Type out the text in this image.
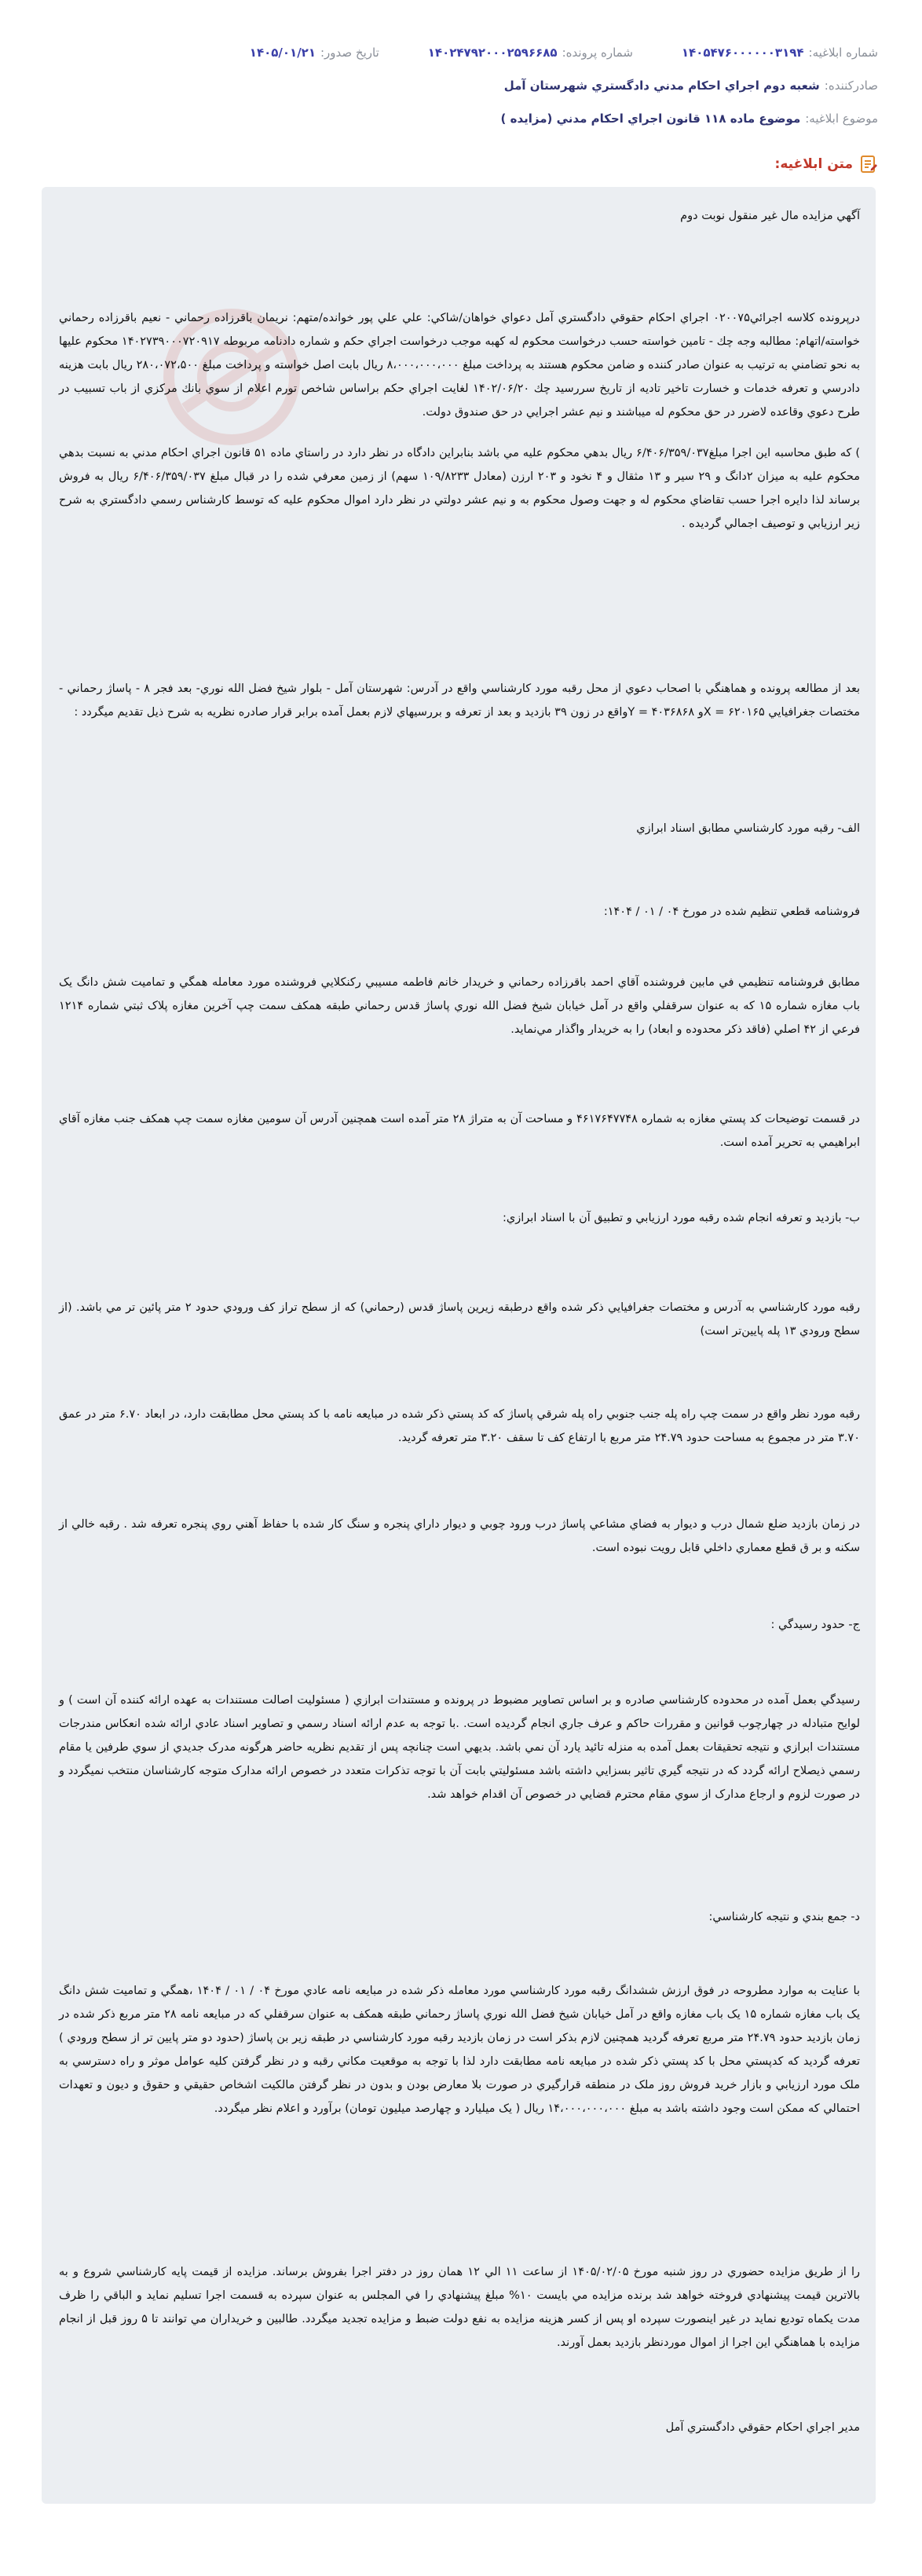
شماره ابلاغيه:
۱۴۰۵۴۷۶۰۰۰۰۰۰۳۱۹۴
شماره پرونده:
۱۴۰۲۴۷۹۲۰۰۰۲۵۹۶۶۸۵
تاريخ صدور:
۱۴۰۵/۰۱/۲۱
صادرکننده:
شعبه دوم اجراي احكام مدني دادگستري شهرستان آمل
موضوع ابلاغيه:
موضوع ماده ۱۱۸ قانون اجراي احكام مدني (مزايده )
متن ابلاغيه:

آگهي مزايده مال غير منقول نوبت دوم

درپرونده کلاسه اجرائي۰۲۰۰۷۵ اجراي احکام حقوقي دادگستري آمل دعواي خواهان/شاکي: علي علي پور خوانده/متهم: نريمان باقرزاده رحماني - نعيم باقرزاده رحماني خواسته/اتهام: مطالبه وجه چك - تامين خواسته حسب درخواست محكوم له كهبه موجب درخواست اجراي حكم و شماره دادنامه مربوطه ۱۴۰۲۷۳۹۰۰۰۷۲۰۹۱۷ محکوم عليها به نحو تضامني به ترتيب به عنوان صادر کننده و ضامن محکوم هستند به پرداخت مبلغ ۸،۰۰۰،۰۰۰،۰۰۰ ريال بابت اصل خواسته و پرداخت مبلغ ۲۸۰،۰۷۲،۵۰۰ ريال بابت هزينه دادرسي و تعرفه خدمات و خسارت تاخير تاديه از تاريخ سررسيد چك ۱۴۰۲/۰۶/۲۰ لغايت اجراي حكم براساس شاخص تورم اعلام از سوي بانك مركزي از باب تسبيب در طرح دعوي وقاعده لاضرر در حق محكوم له ميباشند و نيم عشر اجرايي در حق صندوق دولت.

) که طبق محاسبه اين اجرا مبلغ۶/۴۰۶/۳۵۹/۰۳۷ ريال بدهي محکوم عليه مي باشد بنابراين دادگاه در نظر دارد در راستاي ماده ۵۱ قانون اجراي احکام مدني به نسبت بدهي محکوم عليه به ميزان ۲دانگ و ۲۹ سير و ۱۳ مثقال و ۴ نخود و ۲۰۳ ارزن (معادل ۱۰۹/۸۲۳۳ سهم) از زمين معرفي شده را در قبال مبلغ ۶/۴۰۶/۳۵۹/۰۳۷ ريال به فروش برساند لذا دايره اجرا حسب تقاضاي محکوم له و جهت وصول محکوم به و نيم عشر دولتي در نظر دارد اموال محکوم عليه که توسط کارشناس رسمي دادگستري به شرح زير ارزيابي و توصيف اجمالي گرديده .

بعد از مطالعه پرونده و هماهنگي با اصحاب دعوي از محل رقبه مورد کارشناسي واقع در آدرس: شهرستان آمل - بلوار شيخ فضل الله نوري- بعد فجر ۸ - پاساژ رحماني - مختصات جغرافيايي ۶۲۰۱۶۵ = Xو ۴۰۳۶۸۶۸ = Yواقع در زون ۳۹ بازديد و بعد از تعرفه و بررسيهاي لازم بعمل آمده برابر قرار صادره نظريه به شرح ذيل تقديم ميگردد :

الف- رقبه مورد کارشناسي مطابق اسناد ابرازي

فروشنامه قطعي تنظيم شده در مورخ ۰۴ / ۰۱ / ۱۴۰۴:

مطابق فروشنامه تنظيمي في مابين فروشنده آقاي احمد باقرزاده رحماني و خريدار خانم فاطمه مسيبي رکنکلايي فروشنده مورد معامله همگي و تماميت شش دانگ يک باب مغازه شماره ۱۵ که به عنوان سرقفلي واقع در آمل خيابان شيخ فضل الله نوري پاساژ قدس رحماني طبقه همکف سمت چپ آخرين مغازه پلاک ثبتي شماره ۱۲۱۴ فرعي از ۴۲ اصلي (فاقد ذکر محدوده و ابعاد) را به خريدار واگذار مي‌نمايد.

در قسمت توضيحات کد پستي مغازه به شماره ۴۶۱۷۶۴۷۷۴۸ و مساحت آن به متراژ ۲۸ متر آمده است همچنين آدرس آن سومين مغازه سمت چپ همکف جنب مغازه آقاي ابراهيمي به تحرير آمده است.

ب- بازديد و تعرفه انجام شده رقبه مورد ارزيابي و تطبيق آن با اسناد ابرازي:

رقبه مورد کارشناسي به آدرس و مختصات جغرافيايي ذکر شده واقع درطبقه زيرين پاساژ قدس (رحماني) که از سطح تراز کف ورودي حدود ۲ متر پائين تر مي باشد. (از سطح ورودي ۱۳ پله پايين‌تر است)

رقبه مورد نظر واقع در سمت چپ راه پله جنب جنوبي راه پله شرقي پاساژ که کد پستي ذکر شده در مبايعه نامه با کد پستي محل مطابقت دارد، در ابعاد ۶.۷۰ متر در عمق ۳.۷۰ متر در مجموع به مساحت حدود ۲۴.۷۹ متر مربع با ارتفاع کف تا سقف ۳.۲۰ متر تعرفه گرديد.

در زمان بازديد ضلع شمال درب و ديوار به فضاي مشاعي پاساژ درب ورود چوبي و ديوار داراي پنجره و سنگ کار شده با حفاظ آهني روي پنجره تعرفه شد . رقبه خالي از سکنه و بر ق قطع معماري داخلي قابل رويت نبوده است.

ج- حدود رسيدگي :

رسيدگي بعمل آمده در محدوده کارشناسي صادره و بر اساس تصاوير مضبوط در پرونده و مستندات ابرازي ( مسئوليت اصالت مستندات به عهده ارائه کننده آن است ) و لوايح متبادله در چهارچوب قوانين و مقررات حاکم و عرف جاري انجام گرديده است. .با توجه به عدم ارائه اسناد رسمي و تصاوير اسناد عادي ارائه شده انعکاس مندرجات مستندات ابرازي و نتيجه تحقيقات بعمل آمده به منزله تائيد يارد آن نمي باشد. بديهي است چنانچه پس از تقديم نظريه حاضر هرگونه مدرک جديدي از سوي طرفين يا مقام رسمي ذيصلاح ارائه گردد که در نتيجه گيري تاثير بسزايي داشته باشد مسئوليتي بابت آن با توجه تذکرات متعدد در خصوص ارائه مدارک متوجه کارشناسان منتخب نميگردد و در صورت لزوم و ارجاع مدارک از سوي مقام محترم قضايي در خصوص آن اقدام خواهد شد.

د- جمع بندي و نتيجه کارشناسي:

با عنايت به موارد مطروحه در فوق ارزش ششدانگ رقبه مورد کارشناسي مورد معامله ذکر شده در مبايعه نامه عادي مورخ ۰۴ / ۰۱ / ۱۴۰۴ ،همگي و تماميت شش دانگ يک باب مغازه شماره ۱۵ يک باب مغازه واقع در آمل خيابان شيخ فضل الله نوري پاساژ رحماني طبقه همکف به عنوان سرقفلي که در مبايعه نامه ۲۸ متر مربع ذکر شده در زمان بازديد حدود ۲۴.۷۹ متر مربع تعرفه گرديد همچنين لازم بذکر است در زمان بازديد رقبه مورد کارشناسي در طبقه زير بن پاساژ (حدود دو متر پايين تر از سطح ورودي ) تعرفه گرديد که کدپستي محل با کد پستي ذکر شده در مبايعه نامه مطابقت دارد لذا با توجه به موقعيت مکاني رقبه و در نظر گرفتن کليه عوامل موثر و راه دسترسي به ملک مورد ارزيابي و بازار خريد فروش روز ملک در منطقه قرارگيري در صورت بلا معارض بودن و بدون در نظر گرفتن مالکيت اشخاص حقيقي و حقوق و ديون و تعهدات احتمالي که ممکن است وجود داشته باشد به مبلغ ۱۴،۰۰۰،۰۰۰،۰۰۰ ريال ( يک ميليارد و چهارصد ميليون تومان) برآورد و اعلام نظر ميگردد.

را از طريق مزايده حضوري در روز شنبه مورخ ۱۴۰۵/۰۲/۰۵ از ساعت ۱۱ الي ۱۲ همان روز در دفتر اجرا بفروش برساند. مزايده از قيمت پايه کارشناسي شروع و به بالاترين قيمت پيشنهادي فروخته خواهد شد برنده مزايده مي بايست ۱۰% مبلغ پيشنهادي را في المجلس به عنوان سپرده به قسمت اجرا تسليم نمايد و الباقي را ظرف مدت يکماه توديع نمايد در غير اينصورت سپرده او پس از کسر هزينه مزايده به نفع دولت ضبط و مزايده تجديد ميگردد. طالبين و خريداران مي توانند تا ۵ روز قبل از انجام مزايده با هماهنگي اين اجرا از اموال موردنظر بازديد بعمل آورند.

مدير اجراي احکام حقوقي دادگستري آمل
